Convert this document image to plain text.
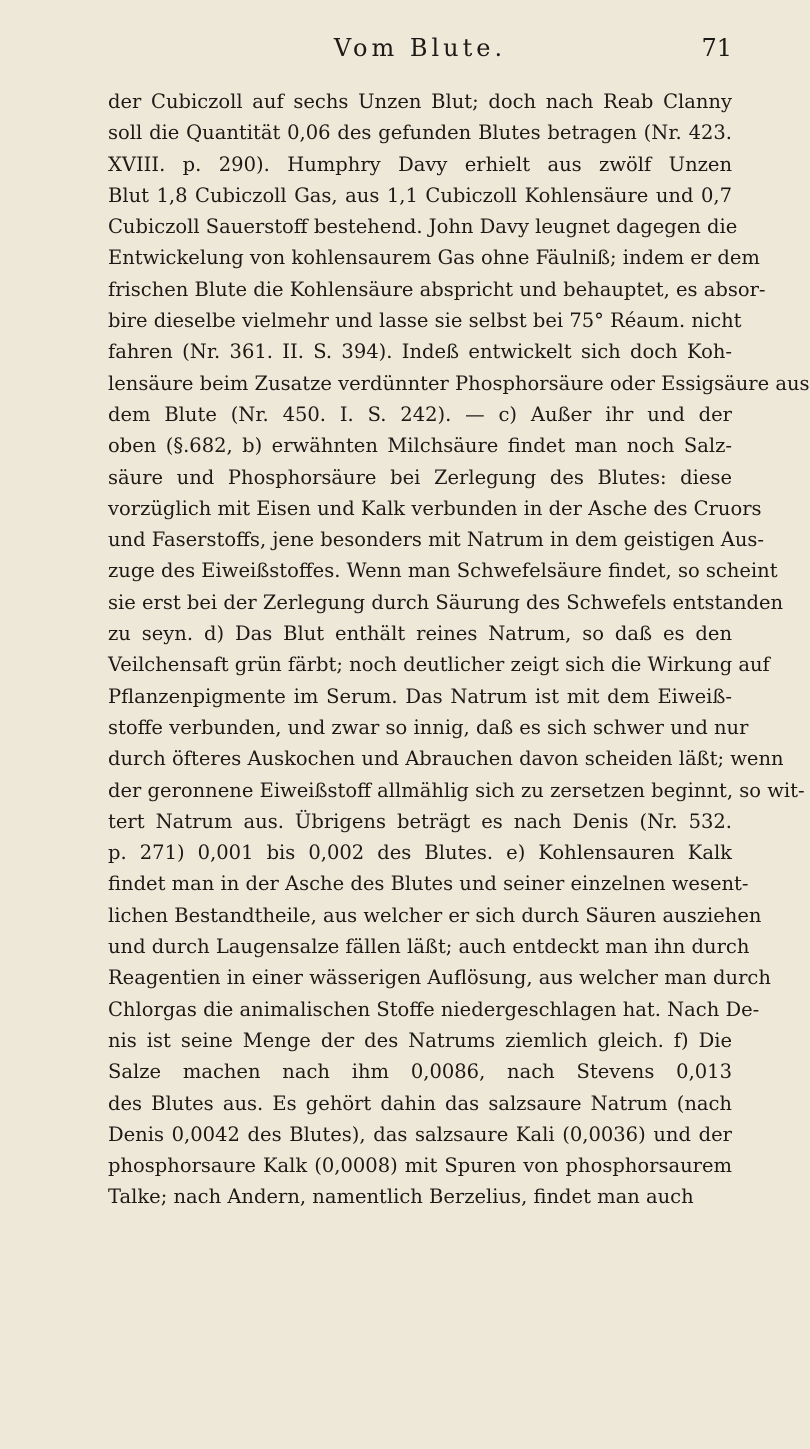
Vom Blute.	71
der Cubiczoll auf sechs Unzen Blut; doch nach Reab Clanny
soll die Quantität 0,06 des gefunden Blutes betragen (Nr. 423.
XVIII. p. 290). Humphry Davy erhielt aus zwölf Unzen
Blut 1,8 Cubiczoll Gas, aus 1,1 Cubiczoll Kohlensäure und 0,7
Cubiczoll Sauerstoff bestehend. John Davy leugnet dagegen die
Entwickelung von kohlensaurem Gas ohne Fäulniß; indem er dem
frischen Blute die Kohlensäure abspricht und behauptet, es absor-
bire dieselbe vielmehr und lasse sie selbst bei 75° Réaum. nicht
fahren (Nr. 361. II. S. 394). Indeß entwickelt sich doch Koh-
lensäure beim Zusatze verdünnter Phosphorsäure oder Essigsäure aus
dem Blute (Nr. 450. I. S. 242). — c) Außer ihr und der
oben (§.682, b) erwähnten Milchsäure findet man noch Salz-
säure und Phosphorsäure bei Zerlegung des Blutes: diese
vorzüglich mit Eisen und Kalk verbunden in der Asche des Cruors
und Faserstoffs, jene besonders mit Natrum in dem geistigen Aus-
zuge des Eiweißstoffes. Wenn man Schwefelsäure findet, so scheint
sie erst bei der Zerlegung durch Säurung des Schwefels entstanden
zu seyn. d) Das Blut enthält reines Natrum, so daß es den
Veilchensaft grün färbt; noch deutlicher zeigt sich die Wirkung auf
Pflanzenpigmente im Serum. Das Natrum ist mit dem Eiweiß-
stoffe verbunden, und zwar so innig, daß es sich schwer und nur
durch öfteres Auskochen und Abrauchen davon scheiden läßt; wenn
der geronnene Eiweißstoff allmählig sich zu zersetzen beginnt, so wit-
tert Natrum aus. Übrigens beträgt es nach Denis (Nr. 532.
p. 271) 0,001 bis 0,002 des Blutes. e) Kohlensauren Kalk
findet man in der Asche des Blutes und seiner einzelnen wesent-
lichen Bestandtheile, aus welcher er sich durch Säuren ausziehen
und durch Laugensalze fällen läßt; auch entdeckt man ihn durch
Reagentien in einer wässerigen Auflösung, aus welcher man durch
Chlorgas die animalischen Stoffe niedergeschlagen hat. Nach De-
nis ist seine Menge der des Natrums ziemlich gleich. f) Die
Salze machen nach ihm 0,0086, nach Stevens 0,013
des Blutes aus. Es gehört dahin das salzsaure Natrum (nach
Denis 0,0042 des Blutes), das salzsaure Kali (0,0036) und der
phosphorsaure Kalk (0,0008) mit Spuren von phosphorsaurem
Talke; nach Andern, namentlich Berzelius, findet man auch
